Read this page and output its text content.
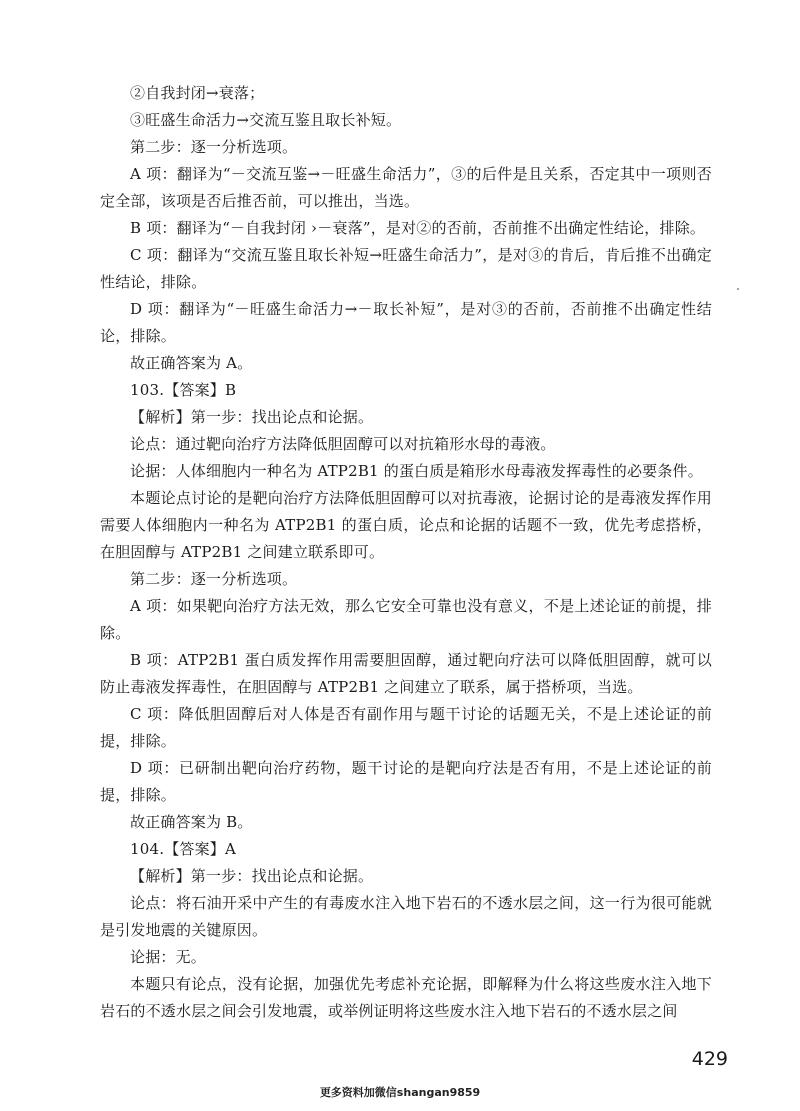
②自我封闭→衰落；

③旺盛生命活力→交流互鉴且取长补短。

第二步：逐一分析选项。

A 项：翻译为“－交流互鉴→－旺盛生命活力”，③的后件是且关系，否定其中一项则否定全部，该项是否后推否前，可以推出，当选。

B 项：翻译为“－自我封闭 ›－衰落”，是对②的否前，否前推不出确定性结论，排除。

C 项：翻译为“交流互鉴且取长补短→旺盛生命活力”，是对③的肯后，肯后推不出确定性结论，排除。

D 项：翻译为“－旺盛生命活力→－取长补短”，是对③的否前，否前推不出确定性结论，排除。

故正确答案为 A。

103.【答案】B

【解析】第一步：找出论点和论据。

论点：通过靶向治疗方法降低胆固醇可以对抗箱形水母的毒液。

论据：人体细胞内一种名为 ATP2B1 的蛋白质是箱形水母毒液发挥毒性的必要条件。

本题论点讨论的是靶向治疗方法降低胆固醇可以对抗毒液，论据讨论的是毒液发挥作用需要人体细胞内一种名为 ATP2B1 的蛋白质，论点和论据的话题不一致，优先考虑搭桥，在胆固醇与 ATP2B1 之间建立联系即可。

第二步：逐一分析选项。

A 项：如果靶向治疗方法无效，那么它安全可靠也没有意义，不是上述论证的前提，排除。

B 项：ATP2B1 蛋白质发挥作用需要胆固醇，通过靶向疗法可以降低胆固醇，就可以防止毒液发挥毒性，在胆固醇与 ATP2B1 之间建立了联系，属于搭桥项，当选。

C 项：降低胆固醇后对人体是否有副作用与题干讨论的话题无关，不是上述论证的前提，排除。

D 项：已研制出靶向治疗药物，题干讨论的是靶向疗法是否有用，不是上述论证的前提，排除。

故正确答案为 B。

104.【答案】A

【解析】第一步：找出论点和论据。

论点：将石油开采中产生的有毒废水注入地下岩石的不透水层之间，这一行为很可能就是引发地震的关键原因。

论据：无。

本题只有论点，没有论据，加强优先考虑补充论据，即解释为什么将这些废水注入地下岩石的不透水层之间会引发地震，或举例证明将这些废水注入地下岩石的不透水层之间

429
更多资料加微信shangan9859
